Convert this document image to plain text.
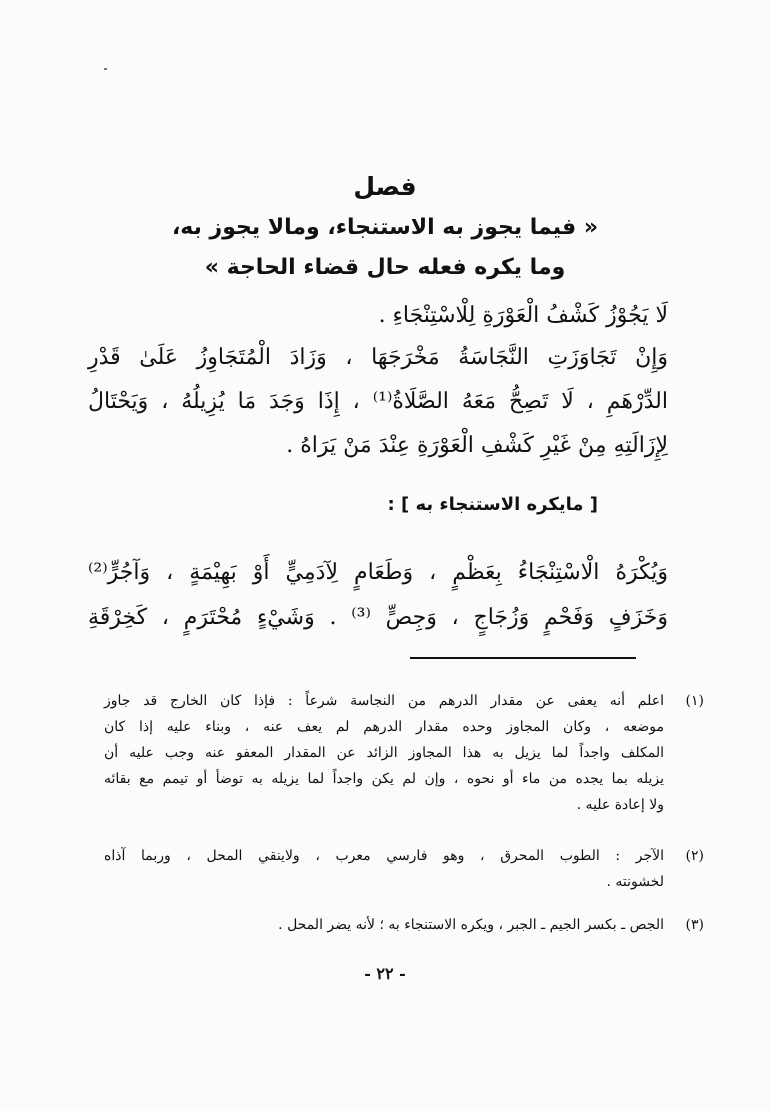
فصل
« فيما يجوز به الاستنجاء، ومالا يجوز به،
وما يكره فعله حال قضاء الحاجة »
لَا يَجُوْزُ كَشْفُ الْعَوْرَةِ لِلْاسْتِنْجَاءِ .
وَإِنْ تَجَاوَزَتِ النَّجَاسَةُ مَخْرَجَهَا ، وَزَادَ الْمُتَجَاوِزُ عَلَىٰ قَدْرِ
الدِّرْهَمِ ، لَا تَصِحُّ مَعَهُ الصَّلَاةُ⁽¹⁾ ، إِذَا وَجَدَ مَا يُزِيلُهُ ، وَيَحْتَالُ
لِإِزَالَتِهِ مِنْ غَيْرِ كَشْفِ الْعَوْرَةِ عِنْدَ مَنْ يَرَاهُ .
[ مايكره الاستنجاء به ] :
وَيُكْرَهُ الْاسْتِنْجَاءُ بِعَظْمٍ ، وَطَعَامٍ لِآدَمِيٍّ أَوْ بَهِيْمَةٍ ، وَآجُرٍّ⁽²⁾
وَخَزَفٍ وَفَحْمٍ وَزُجَاجٍ ، وَجِصٍّ ⁽³⁾ . وَشَيْءٍ مُحْتَرَمٍ ، كَخِرْقَةِ
(١)
اعلم أنه يعفى عن مقدار الدرهم من النجاسة شرعاً : فإذا كان الخارج قد جاوز
موضعه ، وكان المجاوز وحده مقدار الدرهم لم يعف عنه ، وبناء عليه إذا كان
المكلف واجداً لما يزيل به هذا المجاوز الزائد عن المقدار المعفو عنه وجب عليه أن
يزيله بما يجده من ماء أو نحوه ، وإن لم يكن واجداً لما يزيله به توضأ أو تيمم مع بقائه
ولا إعادة عليه .
(٢)
الآجر : الطوب المحرق ، وهو فارسي معرب ، ولاينقي المحل ، وربما آذاه
لخشونته .
(٣)
الجص ـ بكسر الجيم ـ الجبر ، ويكره الاستنجاء به ؛ لأنه يضر المحل .
- ٢٢ -
